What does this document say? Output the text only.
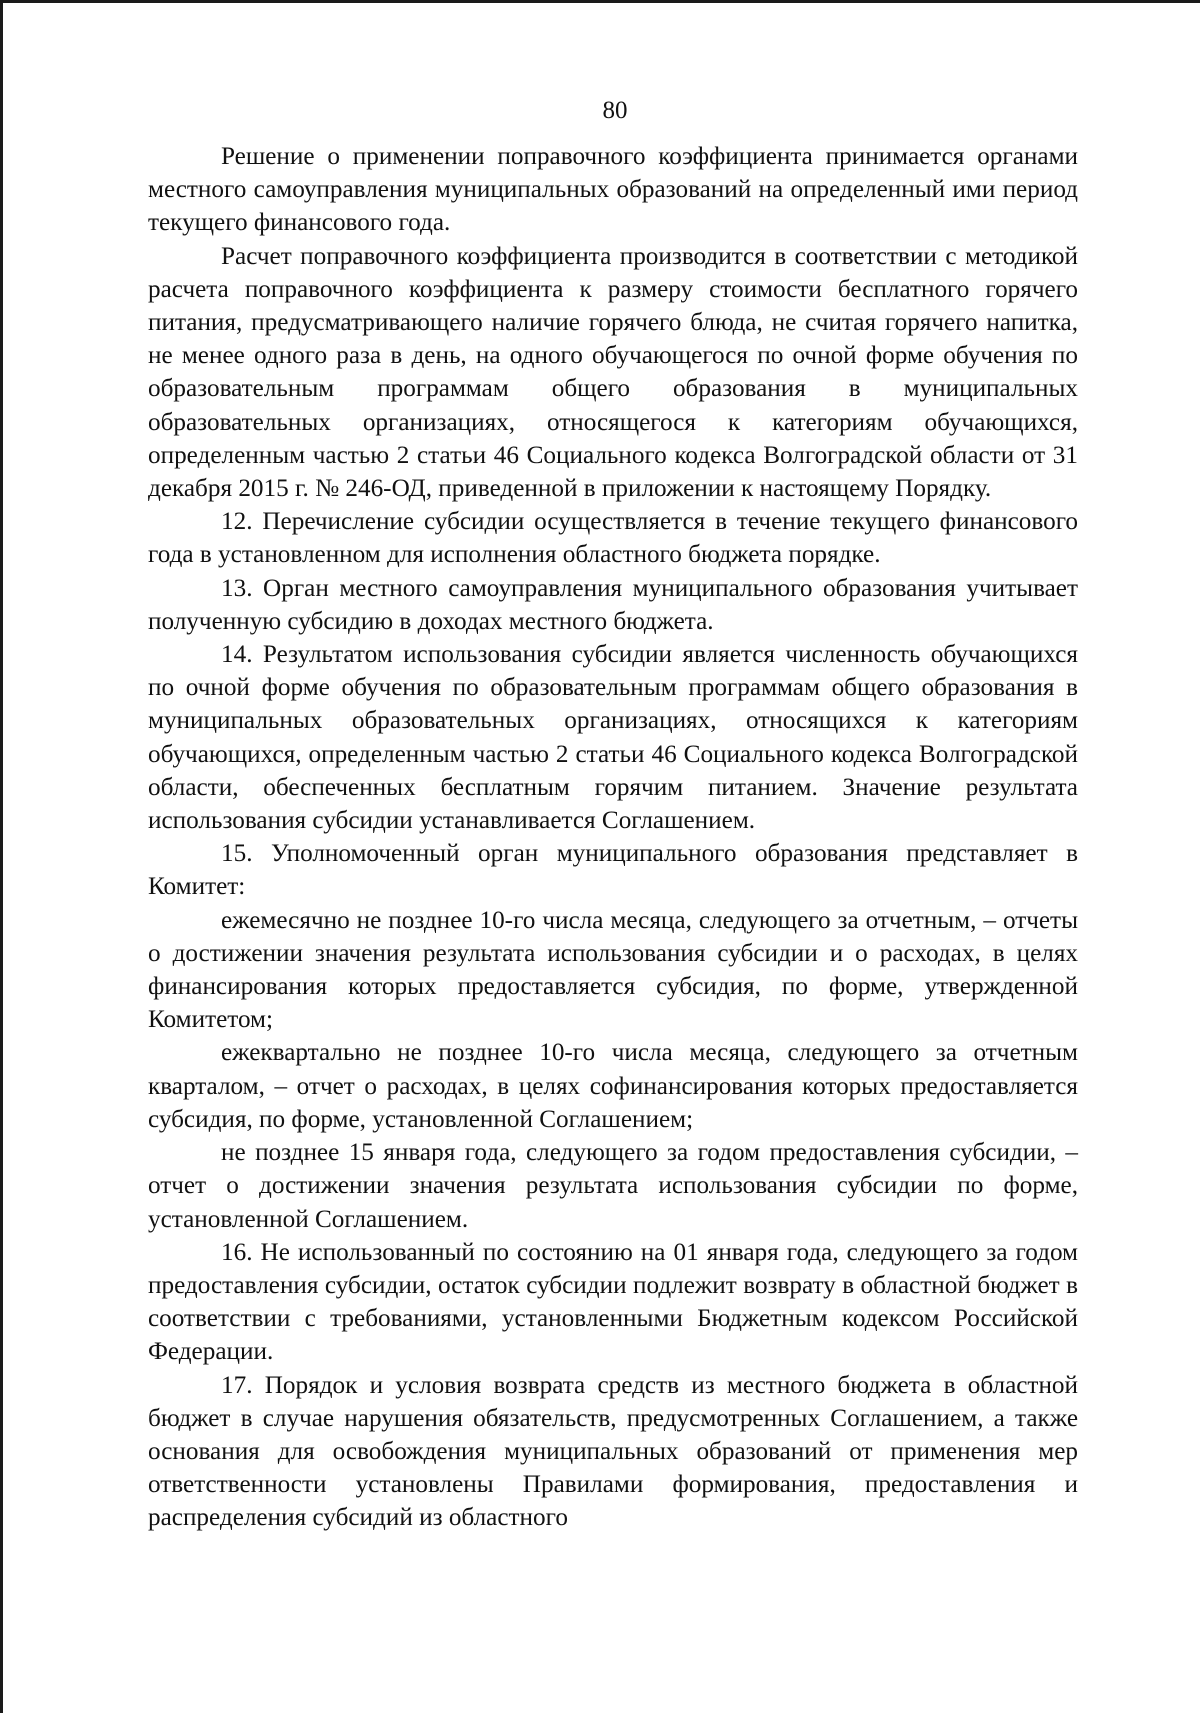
80

Решение о применении поправочного коэффициента принимается органами местного самоуправления муниципальных образований на определенный ими период текущего финансового года.

Расчет поправочного коэффициента производится в соответствии с методикой расчета поправочного коэффициента к размеру стоимости бесплатного горячего питания, предусматривающего наличие горячего блюда, не считая горячего напитка, не менее одного раза в день, на одного обучающегося по очной форме обучения по образовательным программам общего образования в муниципальных образовательных организациях, относящегося к категориям обучающихся, определенным частью 2 статьи 46 Социального кодекса Волгоградской области от 31 декабря 2015 г. № 246-ОД, приведенной в приложении к настоящему Порядку.

12. Перечисление субсидии осуществляется в течение текущего финансового года в установленном для исполнения областного бюджета порядке.

13. Орган местного самоуправления муниципального образования учитывает полученную субсидию в доходах местного бюджета.

14. Результатом использования субсидии является численность обучающихся по очной форме обучения по образовательным программам общего образования в муниципальных образовательных организациях, относящихся к категориям обучающихся, определенным частью 2 статьи 46 Социального кодекса Волгоградской области, обеспеченных бесплатным горячим питанием. Значение результата использования субсидии устанавливается Соглашением.

15. Уполномоченный орган муниципального образования представляет в Комитет:

ежемесячно не позднее 10-го числа месяца, следующего за отчетным, – отчеты о достижении значения результата использования субсидии и о расходах, в целях финансирования которых предоставляется субсидия, по форме, утвержденной Комитетом;

ежеквартально не позднее 10-го числа месяца, следующего за отчетным кварталом, – отчет о расходах, в целях софинансирования которых предоставляется субсидия, по форме, установленной Соглашением;

не позднее 15 января года, следующего за годом предоставления субсидии, – отчет о достижении значения результата использования субсидии по форме, установленной Соглашением.

16. Не использованный по состоянию на 01 января года, следующего за годом предоставления субсидии, остаток субсидии подлежит возврату в областной бюджет в соответствии с требованиями, установленными Бюджетным кодексом Российской Федерации.

17. Порядок и условия возврата средств из местного бюджета в областной бюджет в случае нарушения обязательств, предусмотренных Соглашением, а также основания для освобождения муниципальных образований от применения мер ответственности установлены Правилами формирования, предоставления и распределения субсидий из областного
